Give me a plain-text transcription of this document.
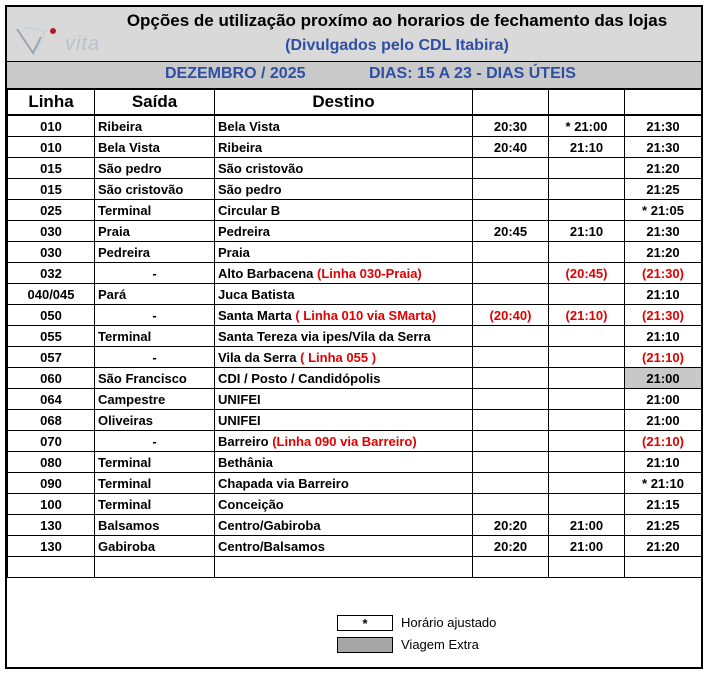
vita
Opções de utilização proxímo ao horarios de fechamento das lojas
(Divulgados pelo CDL Itabira)
DEZEMBRO / 2025	DIAS: 15 A 23 - DIAS ÚTEIS
Linha	Saída	Destino			
010	Ribeira	Bela Vista	20:30	* 21:00	21:30
010	Bela Vista	Ribeira	20:40	21:10	21:30
015	São pedro	São cristovão			21:20
015	São cristovão	São pedro			21:25
025	Terminal	Circular B			* 21:05
030	Praia	Pedreira	20:45	21:10	21:30
030	Pedreira	Praia			21:20
032	-	Alto Barbacena (Linha 030-Praia)		(20:45)	(21:30)
040/045	Pará	Juca Batista			21:10
050	-	Santa Marta ( Linha 010 via SMarta)	(20:40)	(21:10)	(21:30)
055	Terminal	Santa Tereza via ipes/Vila da Serra			21:10
057	-	Vila da Serra ( Linha 055 )			(21:10)
060	São Francisco	CDI / Posto / Candidópolis			21:00
064	Campestre	UNIFEI			21:00
068	Oliveiras	UNIFEI			21:00
070	-	Barreiro (Linha 090 via Barreiro)			(21:10)
080	Terminal	Bethânia			21:10
090	Terminal	Chapada via Barreiro			* 21:10
100	Terminal	Conceição			21:15
130	Balsamos	Centro/Gabiroba	20:20	21:00	21:25
130	Gabiroba	Centro/Balsamos	20:20	21:00	21:20

*	Horário ajustado
Viagem Extra
